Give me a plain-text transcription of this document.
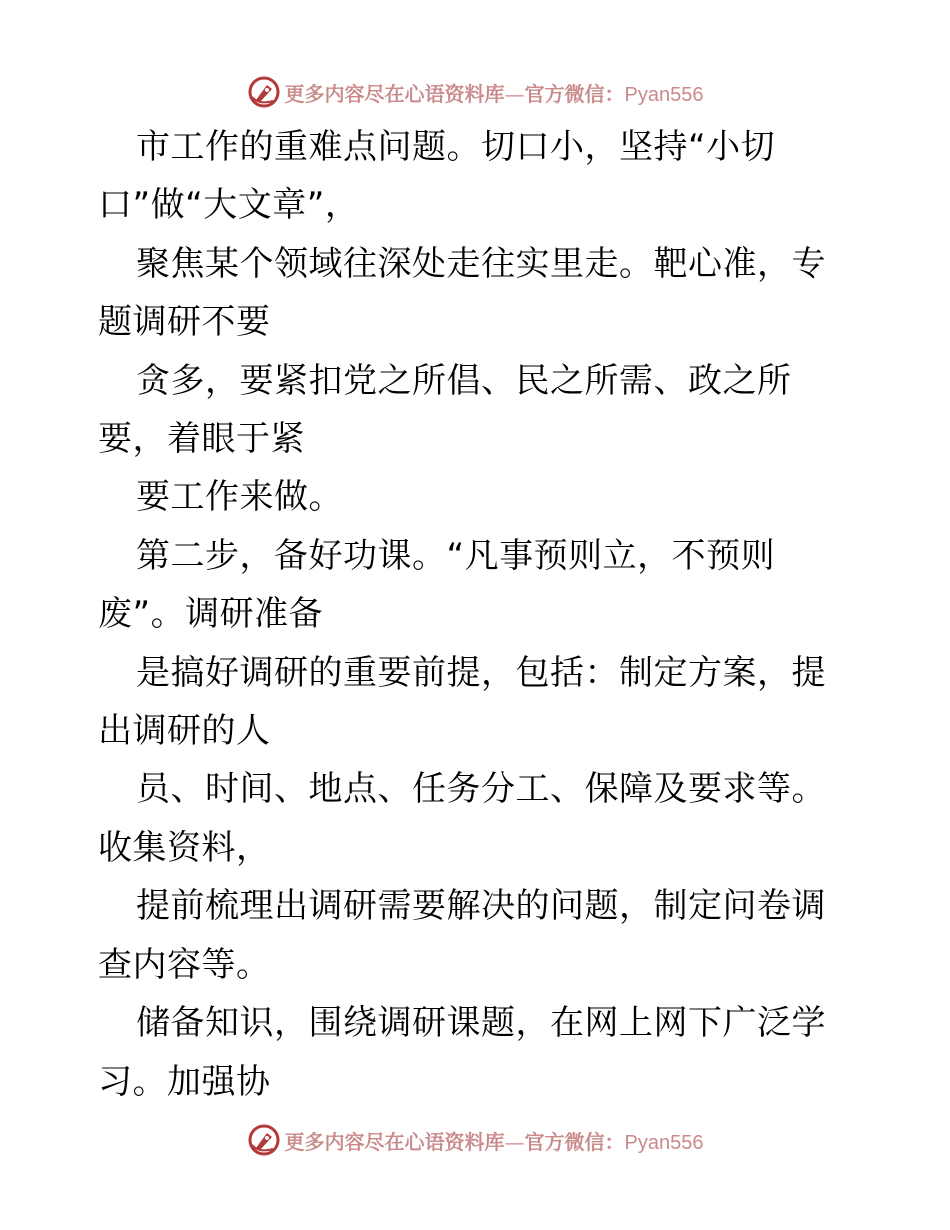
更多内容尽在心语资料库—官方微信：Pyan556

市工作的重难点问题。切口小，坚持“小切口”做“大文章”，

聚焦某个领域往深处走往实里走。靶心准，专题调研不要

贪多，要紧扣党之所倡、民之所需、政之所要，着眼于紧

要工作来做。

第二步，备好功课。“凡事预则立，不预则废”。调研准备

是搞好调研的重要前提，包括：制定方案，提出调研的人

员、时间、地点、任务分工、保障及要求等。收集资料，

提前梳理出调研需要解决的问题，制定问卷调查内容等。

储备知识，围绕调研课题，在网上网下广泛学习。加强协

更多内容尽在心语资料库—官方微信：Pyan556
